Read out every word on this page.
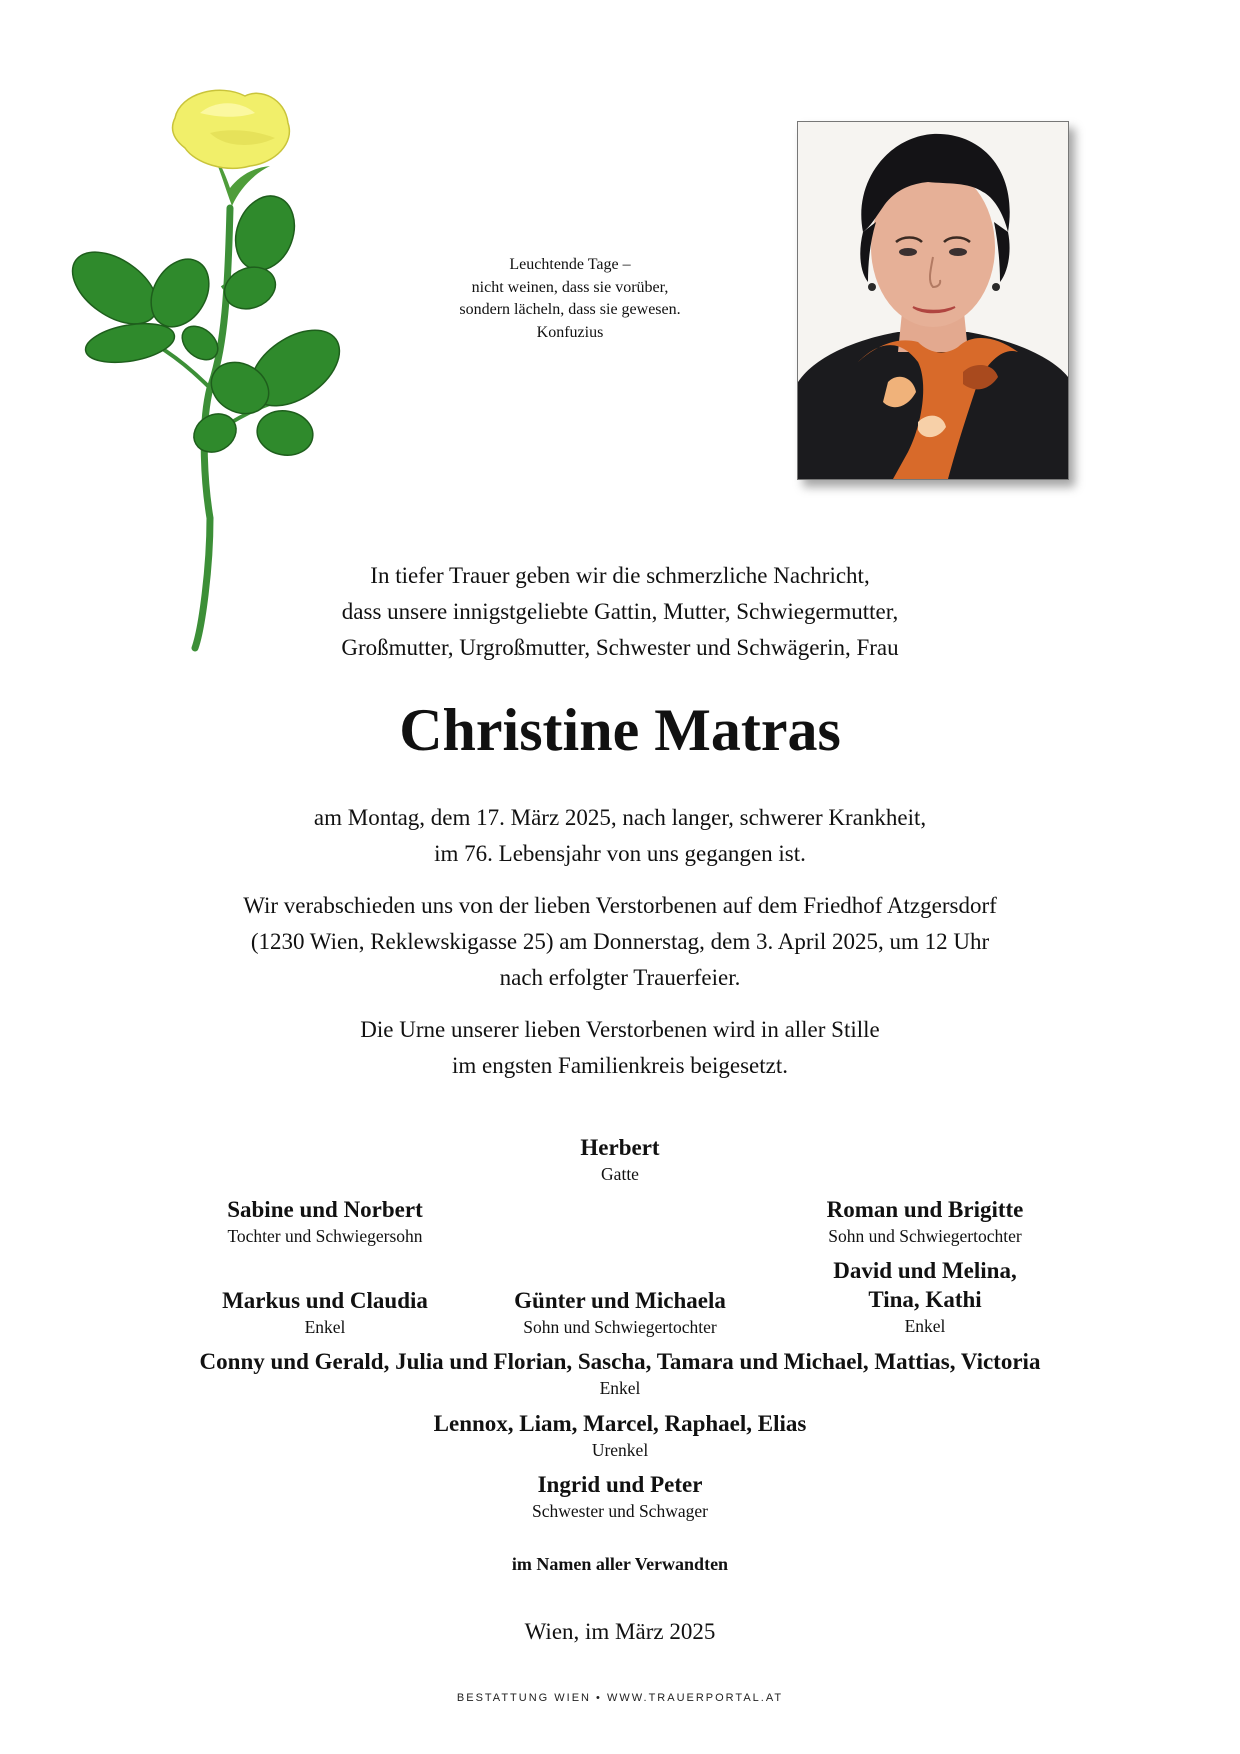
Leuchtende Tage –
nicht weinen, dass sie vorüber,
sondern lächeln, dass sie gewesen.
Konfuzius
In tiefer Trauer geben wir die schmerzliche Nachricht,
dass unsere innigstgeliebte Gattin, Mutter, Schwiegermutter,
Großmutter, Urgroßmutter, Schwester und Schwägerin, Frau
Christine Matras
am Montag, dem 17. März 2025, nach langer, schwerer Krankheit,
im 76. Lebensjahr von uns gegangen ist.
Wir verabschieden uns von der lieben Verstorbenen auf dem Friedhof Atzgersdorf
(1230 Wien, Reklewskigasse 25) am Donnerstag, dem 3. April 2025, um 12 Uhr
nach erfolgter Trauerfeier.
Die Urne unserer lieben Verstorbenen wird in aller Stille
im engsten Familienkreis beigesetzt.
Herbert
Gatte
Sabine und Norbert
Tochter und Schwiegersohn
Roman und Brigitte
Sohn und Schwiegertochter
David und Melina,
Tina, Kathi
Enkel
Markus und Claudia
Enkel
Günter und Michaela
Sohn und Schwiegertochter
Conny und Gerald, Julia und Florian, Sascha, Tamara und Michael, Mattias, Victoria
Enkel
Lennox, Liam, Marcel, Raphael, Elias
Urenkel
Ingrid und Peter
Schwester und Schwager
im Namen aller Verwandten
Wien, im März 2025
BESTATTUNG WIEN • WWW.TRAUERPORTAL.AT
